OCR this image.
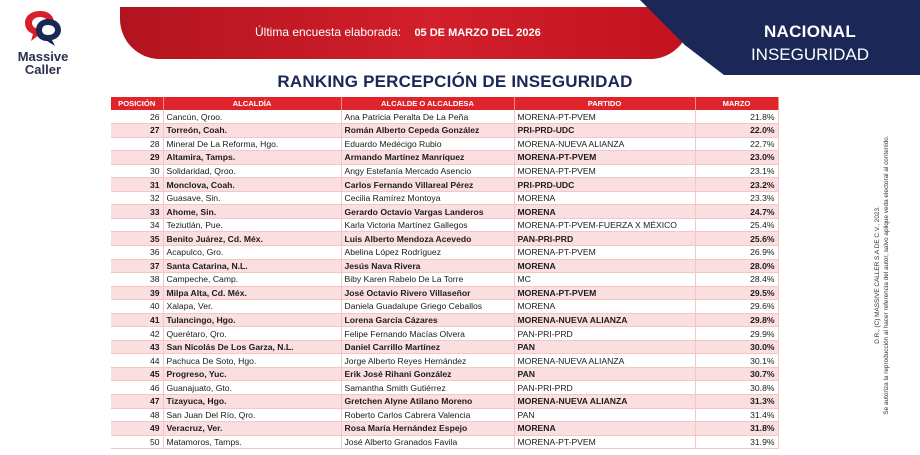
Última encuesta elaborada: 05 DE MARZO DEL 2026	NACIONAL
INSEGURIDAD
Massive
Caller
RANKING PERCEPCIÓN DE INSEGURIDAD
POSICIÓN	ALCALDÍA	ALCALDE O ALCALDESA	PARTIDO	MARZO
26	Cancún, Qroo.	Ana Patricia Peralta De La Peña	MORENA-PT-PVEM	21.8%
27	Torreón, Coah.	Román Alberto Cepeda González	PRI-PRD-UDC	22.0%
28	Mineral De La Reforma, Hgo.	Eduardo Medécigo Rubio	MORENA-NUEVA ALIANZA	22.7%
29	Altamira, Tamps.	Armando Martínez Manríquez	MORENA-PT-PVEM	23.0%
30	Solidaridad, Qroo.	Angy Estefanía Mercado Asencio	MORENA-PT-PVEM	23.1%
31	Monclova, Coah.	Carlos Fernando Villareal Pérez	PRI-PRD-UDC	23.2%
32	Guasave, Sin.	Cecilia Ramírez Montoya	MORENA	23.3%
33	Ahome, Sin.	Gerardo Octavio Vargas Landeros	MORENA	24.7%
34	Teziutlán, Pue.	Karla Victoria Martínez Gallegos	MORENA-PT-PVEM-FUERZA X MÉXICO	25.4%
35	Benito Juárez, Cd. Méx.	Luis Alberto Mendoza Acevedo	PAN-PRI-PRD	25.6%
36	Acapulco, Gro.	Abelina López Rodríguez	MORENA-PT-PVEM	26.9%
37	Santa Catarina, N.L.	Jesús Nava Rivera	MORENA	28.0%
38	Campeche, Camp.	Biby Karen Rabelo De La Torre	MC	28.4%
39	Milpa Alta, Cd. Méx.	José Octavio Rivero Villaseñor	MORENA-PT-PVEM	29.5%
40	Xalapa, Ver.	Daniela Guadalupe Griego Ceballos	MORENA	29.6%
41	Tulancingo, Hgo.	Lorena García Cázares	MORENA-NUEVA ALIANZA	29.8%
42	Querétaro, Qro.	Felipe Fernando Macías Olvera	PAN-PRI-PRD	29.9%
43	San Nicolás De Los Garza, N.L.	Daniel Carrillo Martínez	PAN	30.0%
44	Pachuca De Soto, Hgo.	Jorge Alberto Reyes Hernández	MORENA-NUEVA ALIANZA	30.1%
45	Progreso, Yuc.	Erik José Rihani González	PAN	30.7%
46	Guanajuato, Gto.	Samantha Smith Gutiérrez	PAN-PRI-PRD	30.8%
47	Tizayuca, Hgo.	Gretchen Alyne Atilano Moreno	MORENA-NUEVA ALIANZA	31.3%
48	San Juan Del Río, Qro.	Roberto Carlos Cabrera Valencia	PAN	31.4%
49	Veracruz, Ver.	Rosa María Hernández Espejo	MORENA	31.8%
50	Matamoros, Tamps.	José Alberto Granados Favila	MORENA-PT-PVEM	31.9%
D.R., (C) MASSIVE CALLER S.A DE C.V., 2023. Se autoriza la reproducción al hacer referencia del autor, salvo aplique veda electoral al contenido.
